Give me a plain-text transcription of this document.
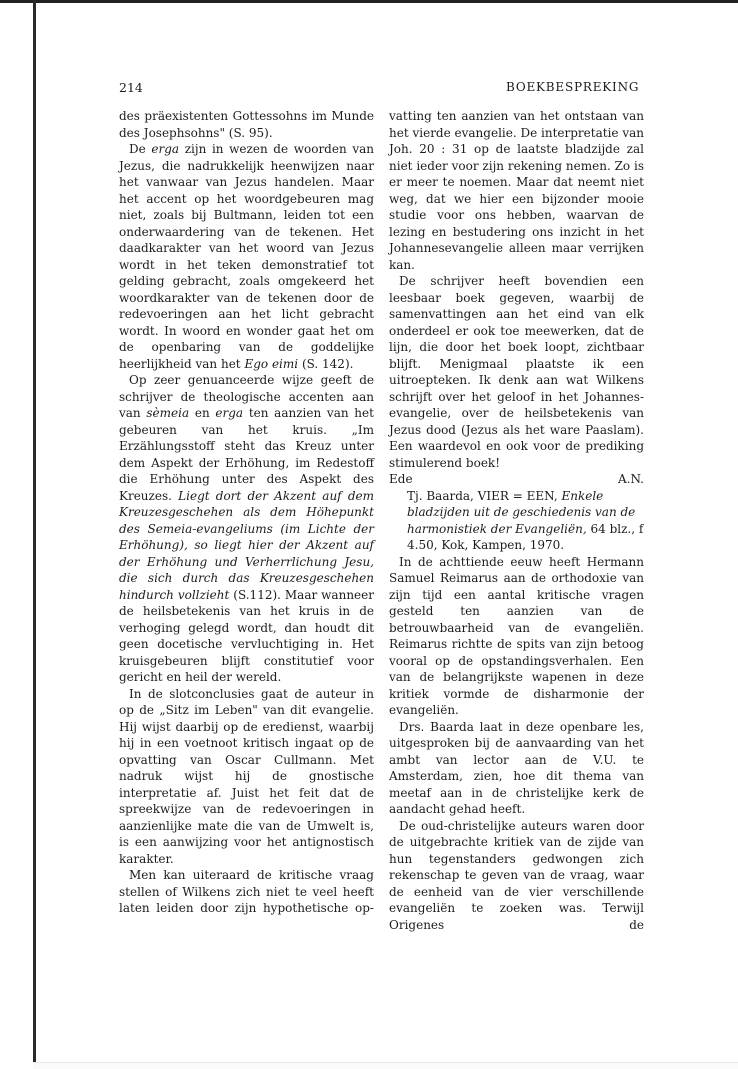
214	BOEKBESPREKING

des präexistenten Gottessohns im Munde des Josephsohns" (S. 95).

De erga zijn in wezen de woorden van Jezus, die nadrukkelijk heenwijzen naar het vanwaar van Jezus handelen. Maar het accent op het woordgebeuren mag niet, zoals bij Bultmann, leiden tot een onderwaardering van de tekenen. Het daadkarakter van het woord van Jezus wordt in het teken demonstratief tot gelding gebracht, zoals omgekeerd het woordkarakter van de tekenen door de redevoeringen aan het licht gebracht wordt. In woord en wonder gaat het om de openbaring van de goddelijke heerlijkheid van het Ego eimi (S. 142).

Op zeer genuanceerde wijze geeft de schrijver de theologische accenten aan van sèmeia en erga ten aanzien van het gebeuren van het kruis. „Im Erzählungsstoff steht das Kreuz unter dem Aspekt der Erhöhung, im Redestoff die Erhöhung unter des Aspekt des Kreuzes. Liegt dort der Akzent auf dem Kreuzesgeschehen als dem Höhepunkt des Semeia-evangeliums (im Lichte der Erhöhung), so liegt hier der Akzent auf der Erhöhung und Verherrlichung Jesu, die sich durch das Kreuzesgeschehen hindurch vollzieht (S.112). Maar wanneer de heilsbetekenis van het kruis in de verhoging gelegd wordt, dan houdt dit geen docetische vervluchtiging in. Het kruisgebeuren blijft constitutief voor gericht en heil der wereld.

In de slotconclusies gaat de auteur in op de „Sitz im Leben" van dit evangelie. Hij wijst daarbij op de eredienst, waarbij hij in een voetnoot kritisch ingaat op de opvatting van Oscar Cullmann. Met nadruk wijst hij de gnostische interpretatie af. Juist het feit dat de spreekwijze van de redevoeringen in aanzienlijke mate die van de Umwelt is, is een aanwijzing voor het antignostisch karakter.

Men kan uiteraard de kritische vraag stellen of Wilkens zich niet te veel heeft laten leiden door zijn hypothetische op-

vatting ten aanzien van het ontstaan van het vierde evangelie. De interpretatie van Joh. 20 : 31 op de laatste bladzijde zal niet ieder voor zijn rekening nemen. Zo is er meer te noemen. Maar dat neemt niet weg, dat we hier een bijzonder mooie studie voor ons hebben, waarvan de lezing en bestudering ons inzicht in het Johannesevangelie alleen maar verrijken kan.

De schrijver heeft bovendien een leesbaar boek gegeven, waarbij de samenvattingen aan het eind van elk onderdeel er ook toe meewerken, dat de lijn, die door het boek loopt, zichtbaar blijft. Menigmaal plaatste ik een uitroepteken. Ik denk aan wat Wilkens schrijft over het geloof in het Johannes-evangelie, over de heilsbetekenis van Jezus dood (Jezus als het ware Paaslam). Een waardevol en ook voor de prediking stimulerend boek!

Ede	A.N.

Tj. Baarda, VIER = EEN, Enkele bladzijden uit de geschiedenis van de harmonistiek der Evangeliën, 64 blz., f 4.50, Kok, Kampen, 1970.

In de achttiende eeuw heeft Hermann Samuel Reimarus aan de orthodoxie van zijn tijd een aantal kritische vragen gesteld ten aanzien van de betrouwbaarheid van de evangeliën. Reimarus richtte de spits van zijn betoog vooral op de opstandingsverhalen. Een van de belangrijkste wapenen in deze kritiek vormde de disharmonie der evangeliën.

Drs. Baarda laat in deze openbare les, uitgesproken bij de aanvaarding van het ambt van lector aan de V.U. te Amsterdam, zien, hoe dit thema van meetaf aan in de christelijke kerk de aandacht gehad heeft.

De oud-christelijke auteurs waren door de uitgebrachte kritiek van de zijde van hun tegenstanders gedwongen zich rekenschap te geven van de vraag, waar de eenheid van de vier verschillende evangeliën te zoeken was. Terwijl Origenes de
